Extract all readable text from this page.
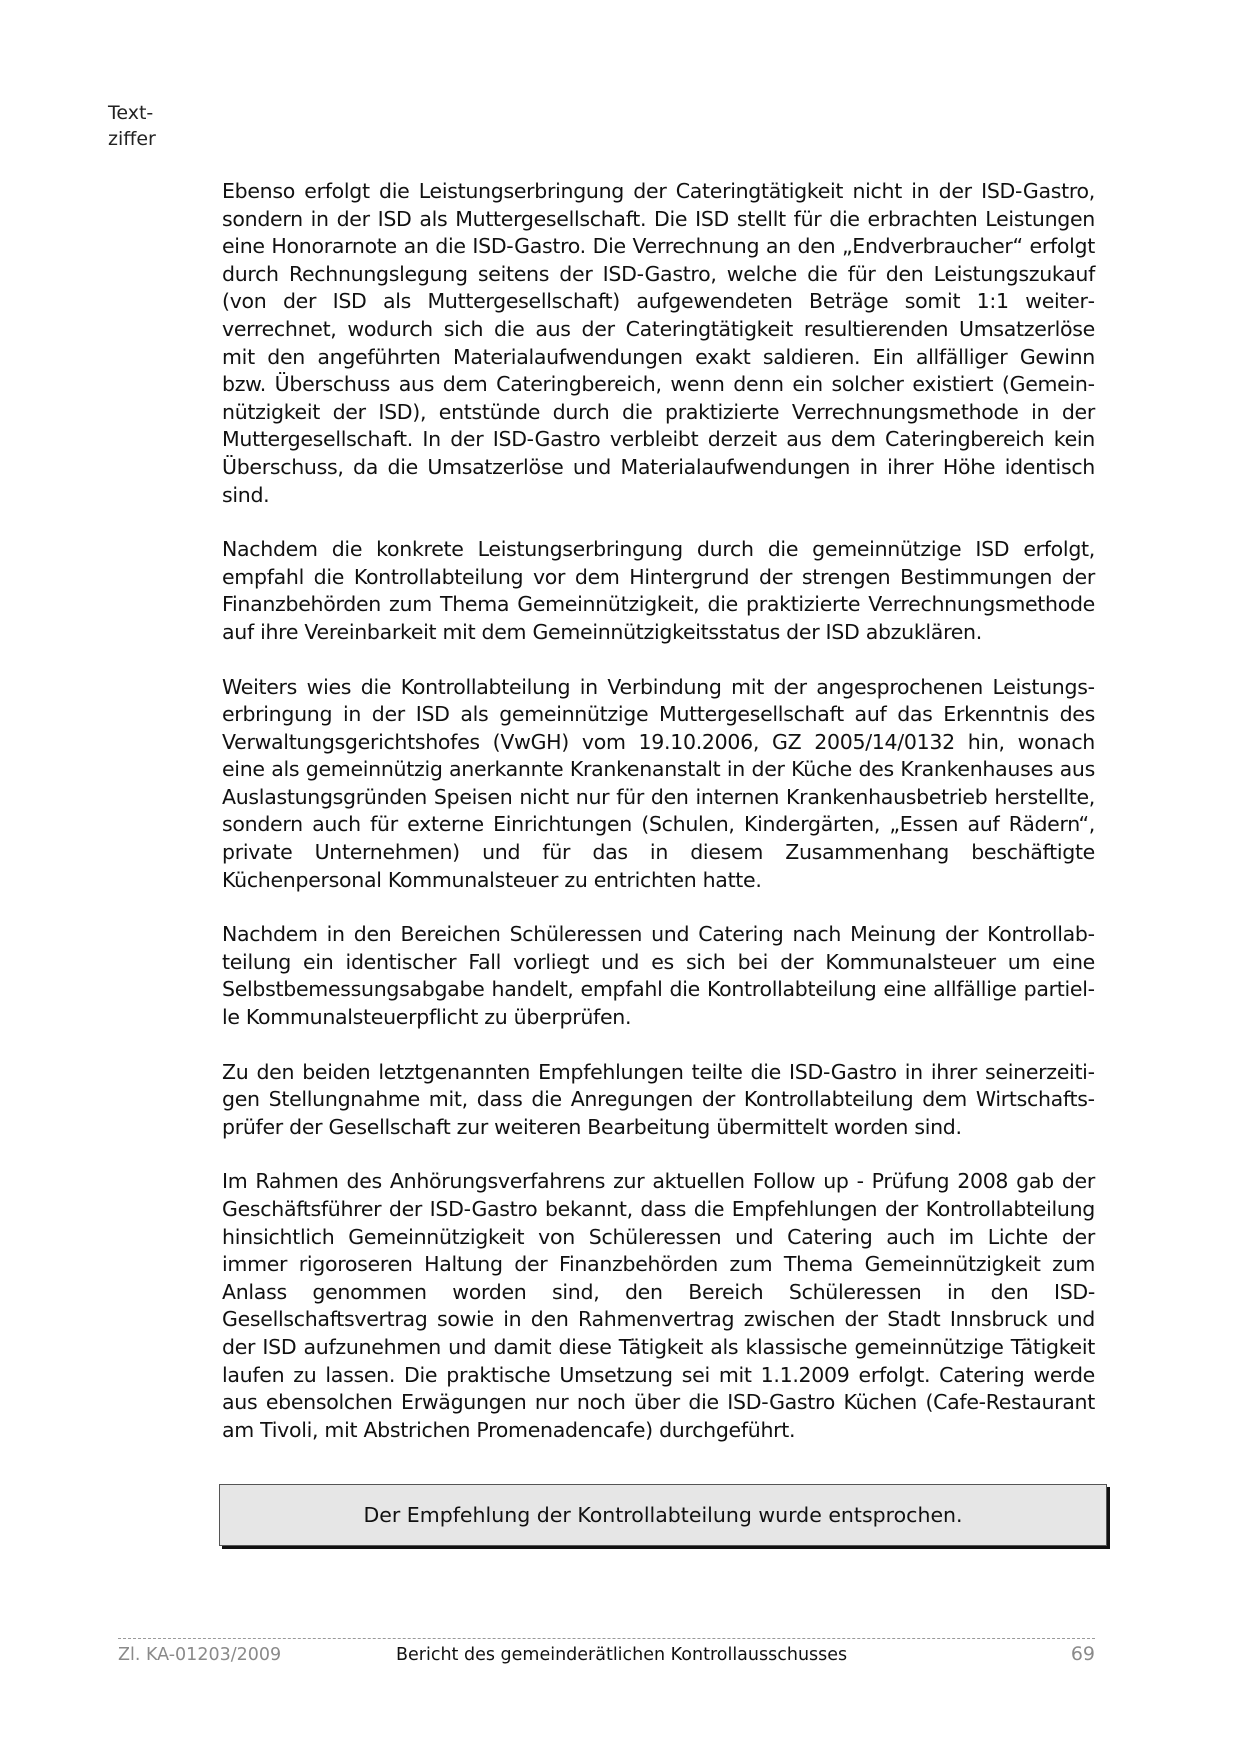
Text-
ziffer

Ebenso erfolgt die Leistungserbringung der Cateringtätigkeit nicht in der ISD-Gastro, sondern in der ISD als Muttergesellschaft. Die ISD stellt für die erbrachten Leistungen eine Honorarnote an die ISD-Gastro. Die Verrechnung an den „Endverbraucher“ erfolgt durch Rechnungslegung seitens der ISD-Gastro, welche die für den Leistungszukauf (von der ISD als Muttergesellschaft) aufgewendeten Beträge somit 1:1 weiterverrechnet, wodurch sich die aus der Cateringtätigkeit resultierenden Umsatzerlöse mit den angeführten Materialaufwendungen exakt saldieren. Ein allfälliger Gewinn bzw. Überschuss aus dem Cateringbereich, wenn denn ein solcher existiert (Gemeinnützigkeit der ISD), entstünde durch die praktizierte Verrechnungsmethode in der Muttergesellschaft. In der ISD-Gastro verbleibt derzeit aus dem Cateringbereich kein Überschuss, da die Umsatzerlöse und Materialaufwendungen in ihrer Höhe identisch sind.

Nachdem die konkrete Leistungserbringung durch die gemeinnützige ISD erfolgt, empfahl die Kontrollabteilung vor dem Hintergrund der strengen Bestimmungen der Finanzbehörden zum Thema Gemeinnützigkeit, die praktizierte Verrechnungsmethode auf ihre Vereinbarkeit mit dem Gemeinnützigkeitsstatus der ISD abzuklären.

Weiters wies die Kontrollabteilung in Verbindung mit der angesprochenen Leistungserbringung in der ISD als gemeinnützige Muttergesellschaft auf das Erkenntnis des Verwaltungsgerichtshofes (VwGH) vom 19.10.2006, GZ 2005/14/0132 hin, wonach eine als gemeinnützig anerkannte Krankenanstalt in der Küche des Krankenhauses aus Auslastungsgründen Speisen nicht nur für den internen Krankenhausbetrieb herstellte, sondern auch für externe Einrichtungen (Schulen, Kindergärten, „Essen auf Rädern“, private Unternehmen) und für das in diesem Zusammenhang beschäftigte Küchenpersonal Kommunalsteuer zu entrichten hatte.

Nachdem in den Bereichen Schüleressen und Catering nach Meinung der Kontrollabteilung ein identischer Fall vorliegt und es sich bei der Kommunalsteuer um eine Selbstbemessungsabgabe handelt, empfahl die Kontrollabteilung eine allfällige partielle Kommunalsteuerpflicht zu überprüfen.

Zu den beiden letztgenannten Empfehlungen teilte die ISD-Gastro in ihrer seinerzeitigen Stellungnahme mit, dass die Anregungen der Kontrollabteilung dem Wirtschaftsprüfer der Gesellschaft zur weiteren Bearbeitung übermittelt worden sind.

Im Rahmen des Anhörungsverfahrens zur aktuellen Follow up - Prüfung 2008 gab der Geschäftsführer der ISD-Gastro bekannt, dass die Empfehlungen der Kontrollabteilung hinsichtlich Gemeinnützigkeit von Schüleressen und Catering auch im Lichte der immer rigoroseren Haltung der Finanzbehörden zum Thema Gemeinnützigkeit zum Anlass genommen worden sind, den Bereich Schüleressen in den ISD-Gesellschaftsvertrag sowie in den Rahmenvertrag zwischen der Stadt Innsbruck und der ISD aufzunehmen und damit diese Tätigkeit als klassische gemeinnützige Tätigkeit laufen zu lassen. Die praktische Umsetzung sei mit 1.1.2009 erfolgt. Catering werde aus ebensolchen Erwägungen nur noch über die ISD-Gastro Küchen (Cafe-Restaurant am Tivoli, mit Abstrichen Promenadencafe) durchgeführt.

Der Empfehlung der Kontrollabteilung wurde entsprochen.
Zl. KA-01203/2009	Bericht des gemeinderätlichen Kontrollausschusses	69
